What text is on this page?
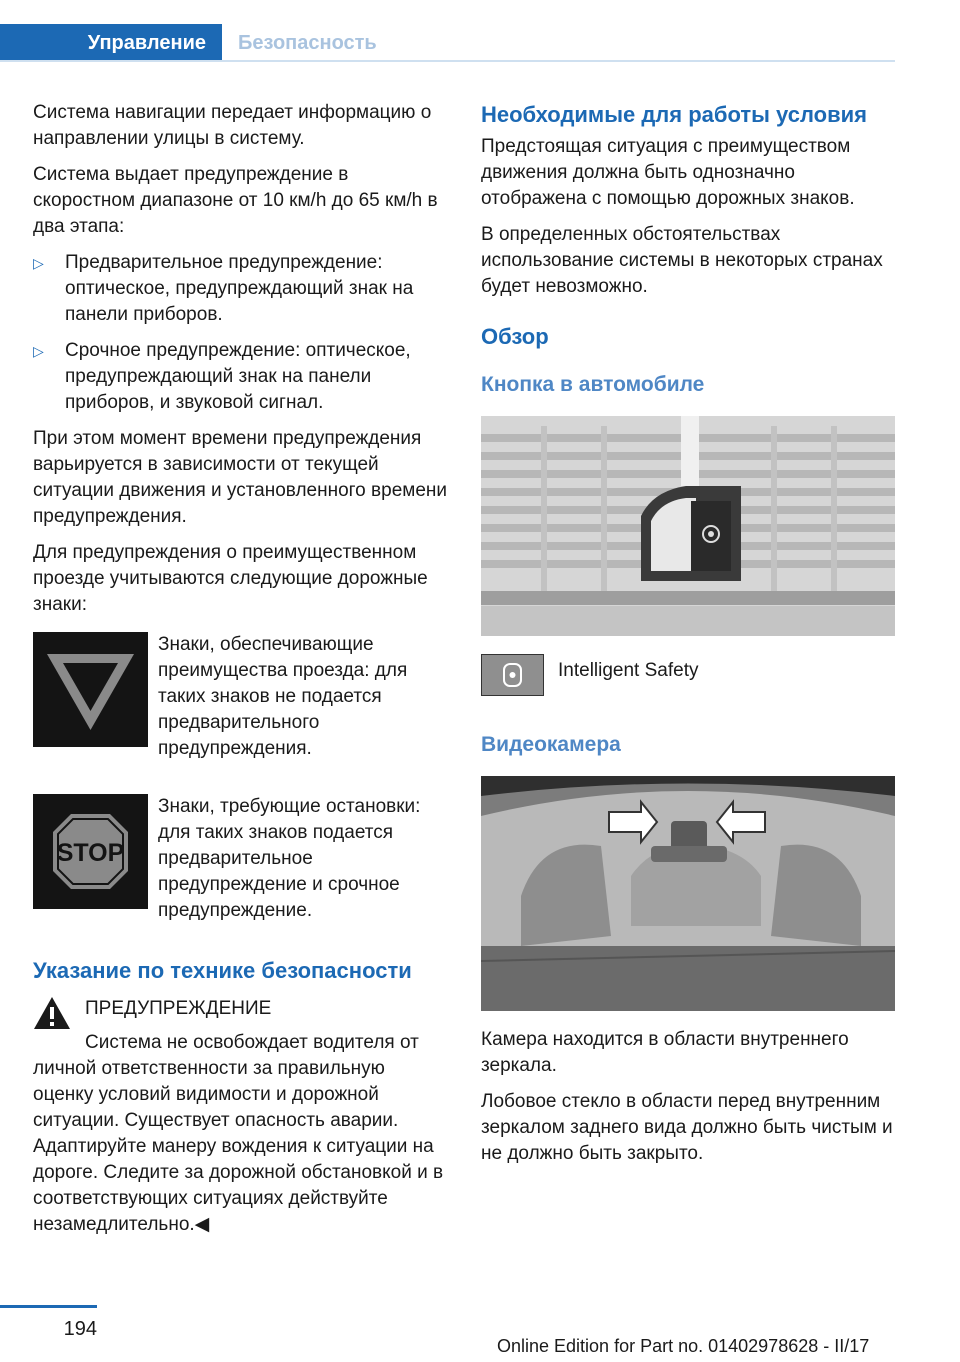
Управление	Безопасность

Система навигации передает информацию о направлении улицы в систему.

Система выдает предупреждение в скоростном диапазоне от 10 км/h до 65 км/h в два этапа:

▷ Предварительное предупреждение: оптическое, предупреждающий знак на панели приборов.
▷ Срочное предупреждение: оптическое, предупреждающий знак на панели приборов, и звуковой сигнал.

При этом момент времени предупреждения варьируется в зависимости от текущей ситуации движения и установленного времени предупреждения.

Для предупреждения о преимущественном проезде учитываются следующие дорожные знаки:

Знаки, обеспечивающие преимущества проезда: для таких знаков не подается предварительного предупреждения.

STOP

Знаки, требующие остановки: для таких знаков подается предварительное предупреждение и срочное предупреждение.

Указание по технике безопасности
ПРЕДУПРЕЖДЕНИЕ
Система не освобождает водителя от личной ответственности за правильную оценку условий видимости и дорожной ситуации. Существует опасность аварии. Адаптируйте манеру вождения к ситуации на дороге. Следите за дорожной обстановкой и в соответствующих ситуациях действуйте незамедлительно.◀
Необходимые для работы условия

Предстоящая ситуация с преимуществом движения должна быть однозначно отображена с помощью дорожных знаков.

В определенных обстоятельствах использование системы в некоторых странах будет невозможно.

Обзор
Кнопка в автомобиле

Intelligent Safety

Видеокамера

Камера находится в области внутреннего зеркала.

Лобовое стекло в области перед внутренним зеркалом заднего вида должно быть чистым и не должно быть закрыто.

194
Online Edition for Part no. 01402978628 - II/17
